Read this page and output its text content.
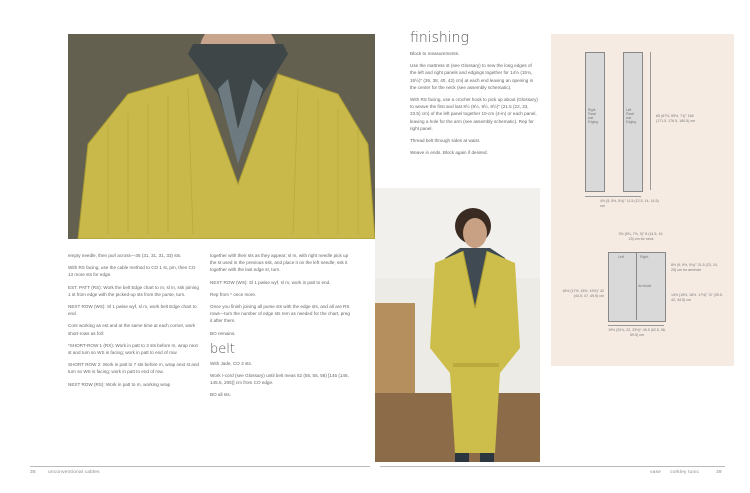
empty needle, then purl across—35 (31, 31, 31, 33) sts.

With RS facing, use the cable method to CO 1 st, pm, then CO 13 more sts for edge.

EST. PATT (RS): Work the belt Edge chart to m, sl m, ssk joining 1 st from edge with the picked-up sts from the purse, turn.

NEXT ROW (WS): Sl 1 pwise wyf, sl m, work belt Edge chart to end.

Cont working as est and at the same time at each corner, work short-rows as foll:

*SHORT-ROW 1 (RS): Work in patt to 3 sts before m, wrap next st and turn so WS is facing; work in patt to end of row.

SHORT ROW 2: Work in patt to 7 sts before m, wrap next st and turn so WS is facing; work in patt to end of row.

NEXT ROW (RS): Work in patt to m, working wrap

together with their sts as they appear; sl m, with right needle pick up the st used in the previous ssk, and place it on the left needle; ssk it together with the last edge st, turn.

NEXT ROW (WS): Sl 1 pwise wyf, sl m, work in patt to end.

Rep from * once more.

Once you finish joining all purse sts with the edge sts, and all are RS rows—turn the number of edge sts rem as needed for the chart, preg it after them.

BO remains.

belt

With Jade, CO 3 sts.

Work I-cord (see Glossary) until belt meas 52 (55, 55, 58) [145 (145, 145.5, 205)] cm from CO edge.

BO all sts.

38	unconventional cables
finishing

Block to measurements.

Use the mattress st (see Glossary) to sew the long edges of the left and right panels and edgings together for 14½ (15¾, 15½)" (36, 38, 40, 42) cm] at each end leaving an opening in the center for the neck (see assembly schematic).

With RS facing, use a crochet hook to pick up about (Glossary) to weave the first and last 8½ (9½, 9½, 9½)" (21.5 (22, 23, 23.5) cm) of the left panel together 10-cm (4-in) or each panel, leaving a hole for the arm (see assembly schematic). Rep for right panel.

Thread belt through sides at waist.

Weave in ends. Block again if desired.

Right Panel and Edging
Left Panel and Edging
65 (67½, 69½, 71)" 165 (171.5, 176.5, 180.5) cm
4½ (5, 5½, 5¾)" 11.5 (12.5, 14, 14.5) cm
3½ (5¾, 7½, 9)" 8 (14.5, 19, 23) cm for neck
Left	Right
Armhole
8½ (9, 9½, 9¾)" 21.5 (23, 24, 25) cm for armhole
14½ (15½, 16½, 17½)" 37 (39.5, 42, 44.5) cm
16½ (17½, 18½, 19½)" 42 (44.5, 47, 49.5) cm
19½ (20¾, 22, 23½)" 49.5 (52.5, 56, 59.5) cm
vase corkley tunic	39
